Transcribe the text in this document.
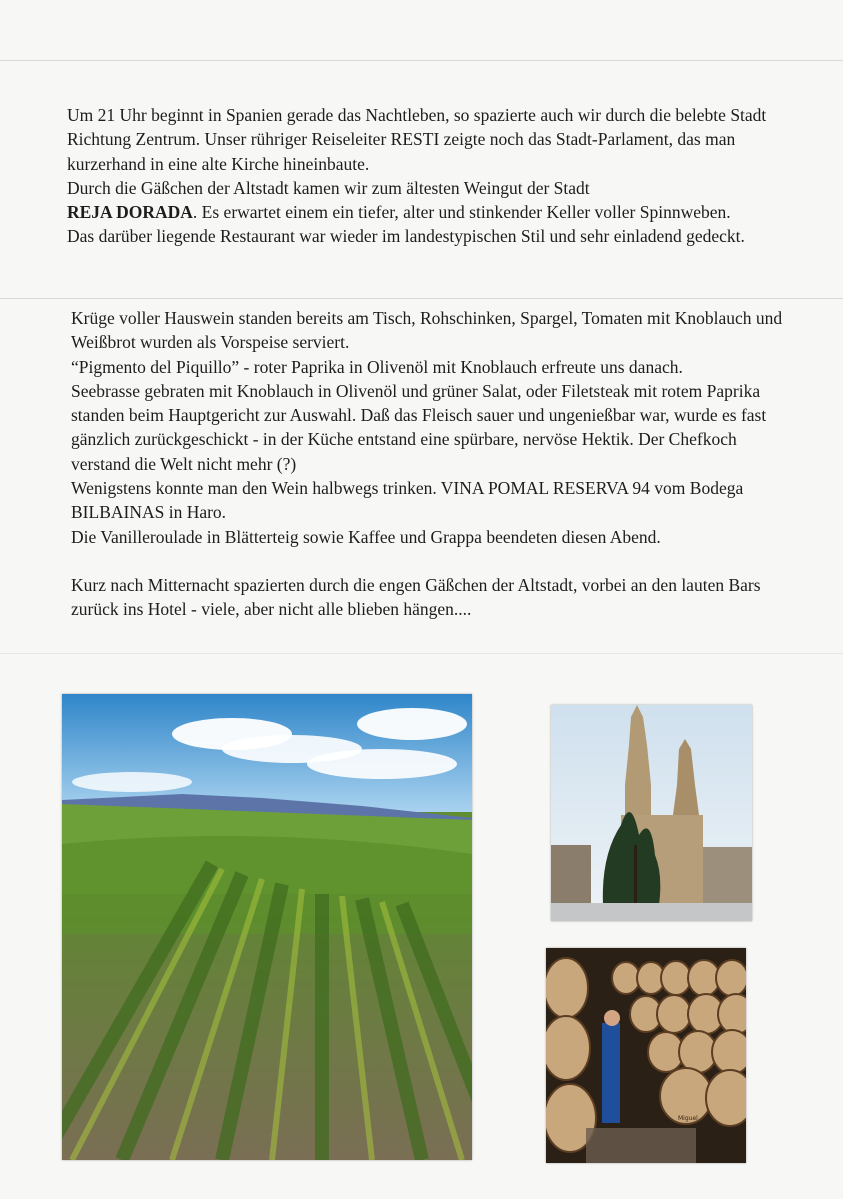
Um 21 Uhr beginnt in Spanien gerade das Nachtleben, so spazierte auch wir durch die belebte Stadt Richtung Zentrum. Unser rühriger Reiseleiter RESTI zeigte noch das Stadt-Parlament, das man kurzerhand in eine alte Kirche hineinbaute.

Durch die Gäßchen der Altstadt kamen wir zum ältesten Weingut der Stadt
REJA DORADA. Es erwartet einem ein tiefer, alter und stinkender Keller voller Spinnweben.

Das darüber liegende Restaurant war wieder im landestypischen Stil und sehr einladend gedeckt.

Krüge voller Hauswein standen bereits am Tisch, Rohschinken, Spargel, Tomaten mit Knoblauch und Weißbrot wurden als Vorspeise serviert.

“Pigmento del Piquillo” - roter Paprika in Olivenöl mit Knoblauch erfreute uns danach.

Seebrasse gebraten mit Knoblauch in Olivenöl und grüner Salat, oder Filetsteak mit rotem Paprika standen beim Hauptgericht zur Auswahl. Daß das Fleisch sauer und ungenießbar war, wurde es fast gänzlich zurückgeschickt - in der Küche entstand eine spürbare, nervöse Hektik. Der Chefkoch verstand die Welt nicht mehr (?)

Wenigstens konnte man den Wein halbwegs trinken. VINA POMAL RESERVA 94 vom Bodega BILBAINAS in Haro.

Die Vanilleroulade in Blätterteig sowie Kaffee und Grappa beendeten diesen Abend.

Kurz nach Mitternacht spazierten durch die engen Gäßchen der Altstadt, vorbei an den lauten Bars zurück ins Hotel - viele, aber nicht alle blieben hängen....

Miguel
